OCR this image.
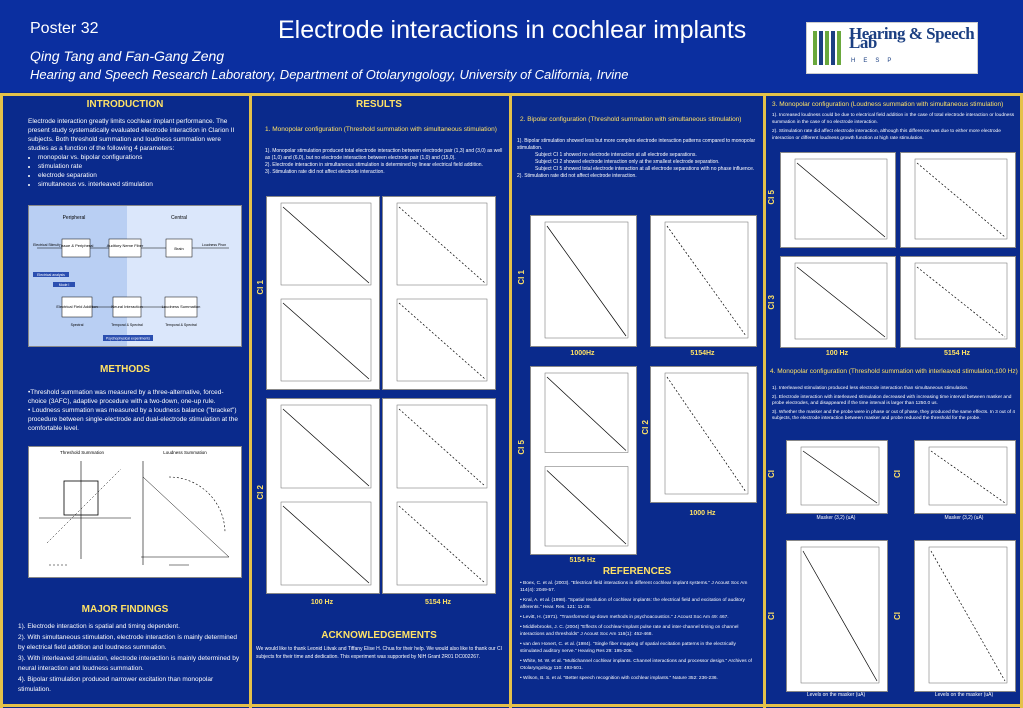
Poster 32	Electrode interactions in cochlear implants
Qing Tang and Fan-Gang Zeng
Hearing and Speech Research Laboratory, Department of Otolaryngology, University of California, Irvine
Hearing & Speech Lab
HESP
INTRODUCTION
Electrode interaction greatly limits cochlear implant performance. The present study systematically evaluated electrode interaction in Clarion II subjects. Both threshold summation and loudness summation were studies as a function of the following 4 parameters:
• monopolar vs. bipolar configurations
• stimulation rate
• electrode separation
• simultaneous vs. interleaved stimulation
Peripheral	Central
Tissue & Peripheral	Auditory Neme Fiber
Brain
Electrical Stimuli	Loudness Phon
Electrical analysis
Mode l
Electrical Field Addition	Neural Interaction	Loudness Summation
Spectral	Temporal & Spectral	Temporal & Spectral
Psychophysical experiments
METHODS
•Threshold summation was measured by a three-alternative, forced-choice (3AFC), adaptive procedure with a two-down, one-up rule.
• Loudness summation was measured by a loudness balance ("bracket") procedure between single-electrode and dual-electrode stimulation at the comfortable level.
Threshold Summation	Loudness Summation
MAJOR FINDINGS
1). Electrode interaction is spatial and timing dependent.
2). With simultaneous stimulation, electrode interaction is mainly determined by electrical field addition and loudness summation.
3). With interleaved stimulation, electrode interaction is mainly determined by neural interaction and loudness summation.
4). Bipolar stimulation produced narrower excitation than monopolar stimulation.
RESULTS
1. Monopolar configuration (Threshold summation with simultaneous stimulation)
1). Monopolar stimulation produced total electrode interaction between electrode pair (1,3) and (3,0) as well as (1,0) and (6,0), but no electrode interaction between electrode pair (1,0) and (15,0).
2). Electrode interaction in simultaneous stimulation is determined by linear electrical field addition.
3). Stimulation rate did not affect electrode interaction.
CI 1
CI 2
100 Hz	5154 Hz
ACKNOWLEDGEMENTS
We would like to thank Leonid Litvak and Tiffany Elise H. Chua for their help. We would also like to thank our CI subjects for their time and dedication. This experiment was supported by NIH Grant 2R01 DC002267.
2. Bipolar configuration (Threshold summation with simultaneous stimulation)
1). Bipolar stimulation showed less but more complex electrode interaction patterns compared to monopolar stimulation.
Subject CI 1 showed no electrode interaction at all electrode separations.
Subject CI 2 showed electrode interaction only at the smallest electrode separation.
Subject CI 5 showed total electrode interaction at all electrode separations with no phase influence.
2). Stimulation rate did not affect electrode interaction.
CI 1
CI 5
CI 2
1000Hz	5154Hz
5154 Hz
1000 Hz
REFERENCES
• Boex, C. et al. (2003). "Electrical field interactions in different cochlear implant systems." J Acoust Soc Am 114(4): 2049-57.
• Kral, A. et al. (1998). "Spatial resolution of cochlear implants: the electrical field and excitation of auditory afferents." Hear. Res. 121: 11-28.
• Levitt, H. (1971). "Transformed up-down methods in psychoacoustics." J Acoust Soc Am 49: 467.
• Middlebrooks, J. C. (2004) "Effects of cochlear-implant pulse rate and inter-channel timing on channel interactions and thresholds" J Acoust Soc Am 116(1): 452-468.
• van den Honert, C. et al. (1984). "Single fiber mapping of spatial excitation patterns in the electrically stimulated auditory nerve." Hearing Res 29: 195-206.
• White, M. W. et al. "Multichannel cochlear implants. Channel interactions and processor design." Archives of Otolaryngology 110: 493-501.
• Wilson, B. S. et al. "Better speech recognition with cochlear implants." Nature 352: 236-236.
3. Monopolar configuration (Loudness summation with simultaneous stimulation)
1). Increased loudness could be due to electrical field addition in the case of total electrode interaction or loudness summation in the case of no electrode interaction.
2). Stimulation rate did affect electrode interaction, although this difference was due to either more electrode interaction or different loudness growth function at high rate stimulation.
CI 5
CI 3
100 Hz	5154 Hz
4. Monopolar configuration (Threshold summation with interleaved stimulation,100 Hz)
1). Interleaved stimulation produced less electrode interaction than simultaneous stimulation.
2). Electrode interaction with interleaved stimulation decreased with increasing time interval between masker and probe electrodes, and disappeared if the time interval is larger than 1250.0 us.
3). Whether the masker and the probe were in phase or out of phase, they produced the same effects. In 3 out of 4 subjects, the electrode interaction between masker and probe reduced the threshold for the probe.
CI	CI
CI	CI
Masker (3,2) (uA)	Masker (3,2) (uA)
Levels on the masker (uA)	Levels on the masker (uA)
